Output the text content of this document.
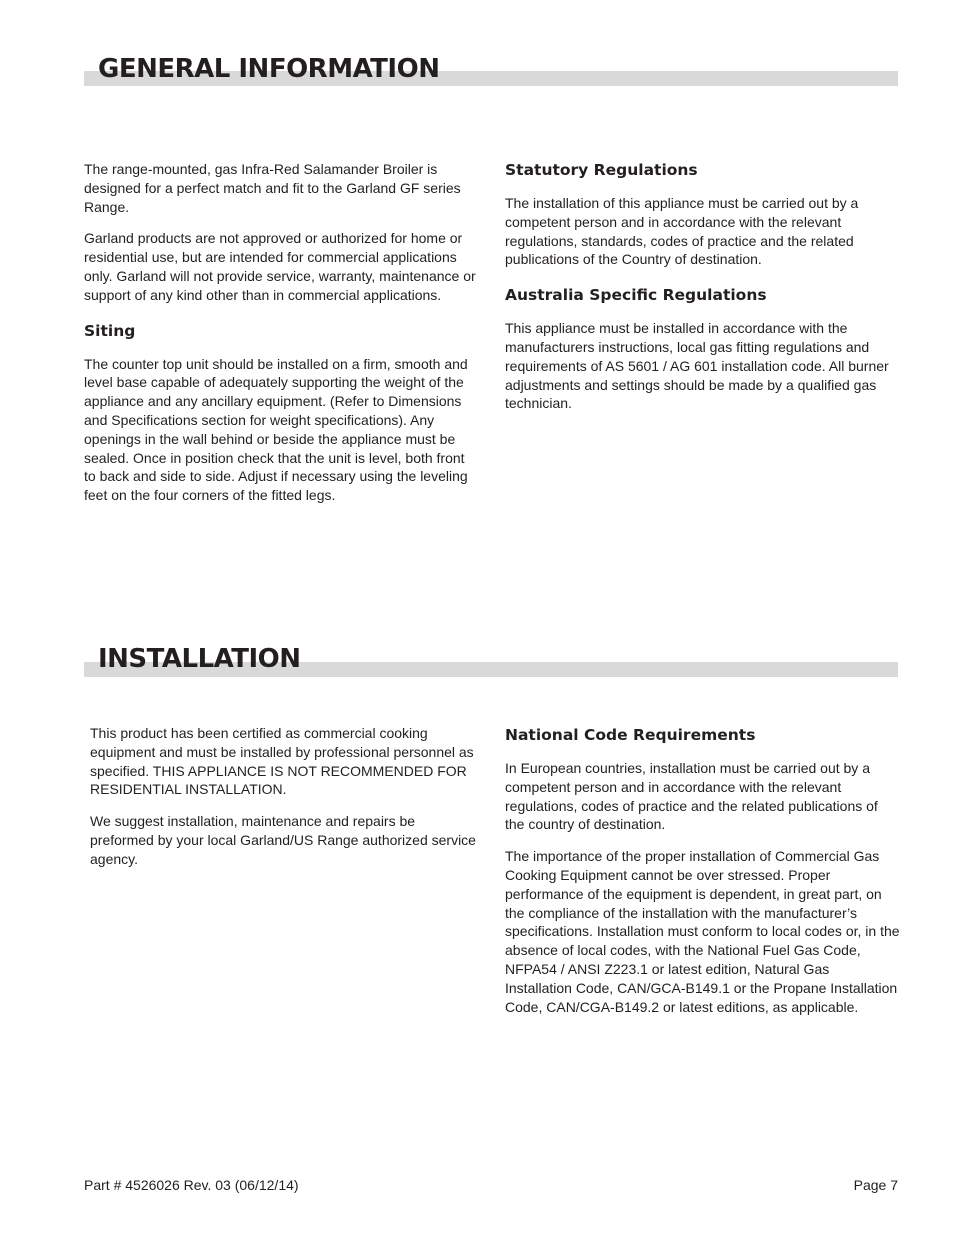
GENERAL INFORMATION

The range-mounted, gas Infra-Red Salamander Broiler is designed for a perfect match and fit to the Garland GF series Range.

Garland products are not approved or authorized for home or residential use, but are intended for commercial applications only. Garland will not provide service, warranty, maintenance or support of any kind other than in commercial applications.

Siting

The counter top unit should be installed on a firm, smooth and level base capable of adequately supporting the weight of the appliance and any ancillary equipment. (Refer to Dimensions and Specifications section for weight specifications). Any openings in the wall behind or beside the appliance must be sealed. Once in position check that the unit is level, both front to back and side to side. Adjust if necessary using the leveling feet on the four corners of the fitted legs.

Statutory Regulations

The installation of this appliance must be carried out by a competent person and in accordance with the relevant regulations, standards, codes of practice and the related publications of the Country of destination.

Australia Specific Regulations

This appliance must be installed in accordance with the manufacturers instructions, local gas fitting regulations and requirements of AS 5601 / AG 601 installation code. All burner adjustments and settings should be made by a qualified gas technician.

INSTALLATION

This product has been certified as commercial cooking equipment and must be installed by professional personnel as specified. THIS APPLIANCE IS NOT RECOMMENDED FOR RESIDENTIAL INSTALLATION.

We suggest installation, maintenance and repairs be preformed by your local Garland/US Range authorized service agency.

National Code Requirements

In European countries, installation must be carried out by a competent person and in accordance with the relevant regulations, codes of practice and the related publications of the country of destination.

The importance of the proper installation of Commercial Gas Cooking Equipment cannot be over stressed. Proper performance of the equipment is dependent, in great part, on the compliance of the installation with the manufacturer’s specifications. Installation must conform to local codes or, in the absence of local codes, with the National Fuel Gas Code, NFPA54 / ANSI Z223.1 or latest edition, Natural Gas Installation Code, CAN/GCA-B149.1 or the Propane Installation Code, CAN/CGA-B149.2 or latest editions, as applicable.

Part # 4526026 Rev. 03 (06/12/14)	Page 7
